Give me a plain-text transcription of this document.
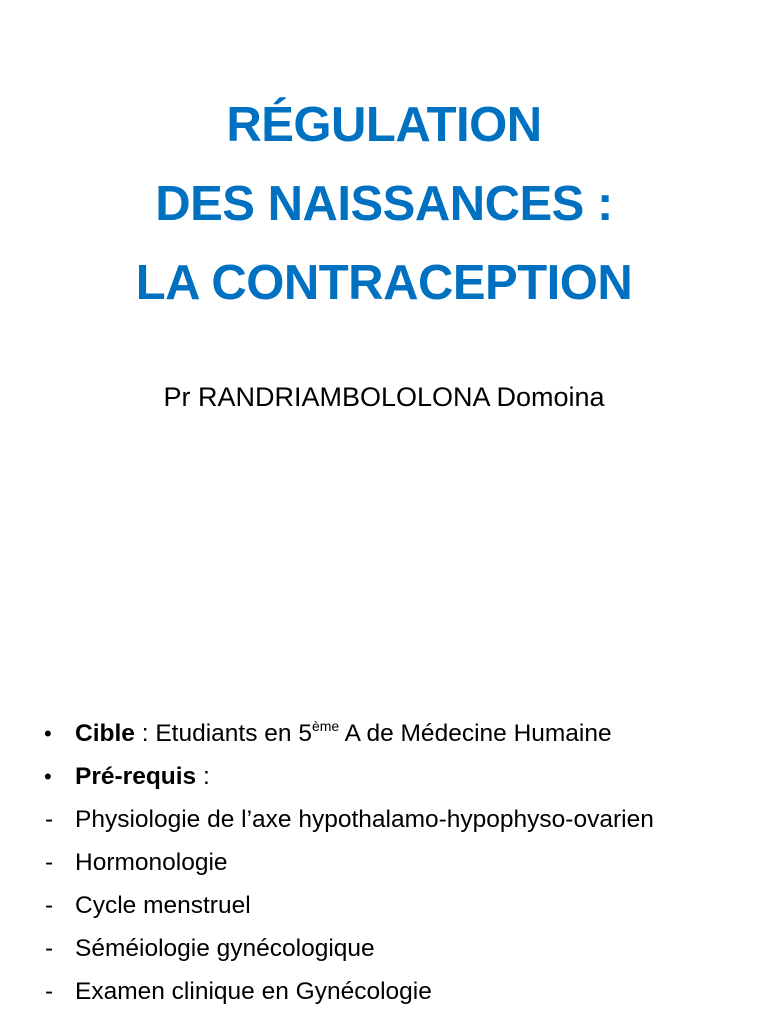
RÉGULATION
DES NAISSANCES :
LA CONTRACEPTION
Pr RANDRIAMBOLOLONA Domoina
• Cible : Etudiants en 5ème A de Médecine Humaine
• Pré-requis :
- Physiologie de l’axe hypothalamo-hypophyso-ovarien
- Hormonologie
- Cycle menstruel
- Séméiologie gynécologique
- Examen clinique en Gynécologie
